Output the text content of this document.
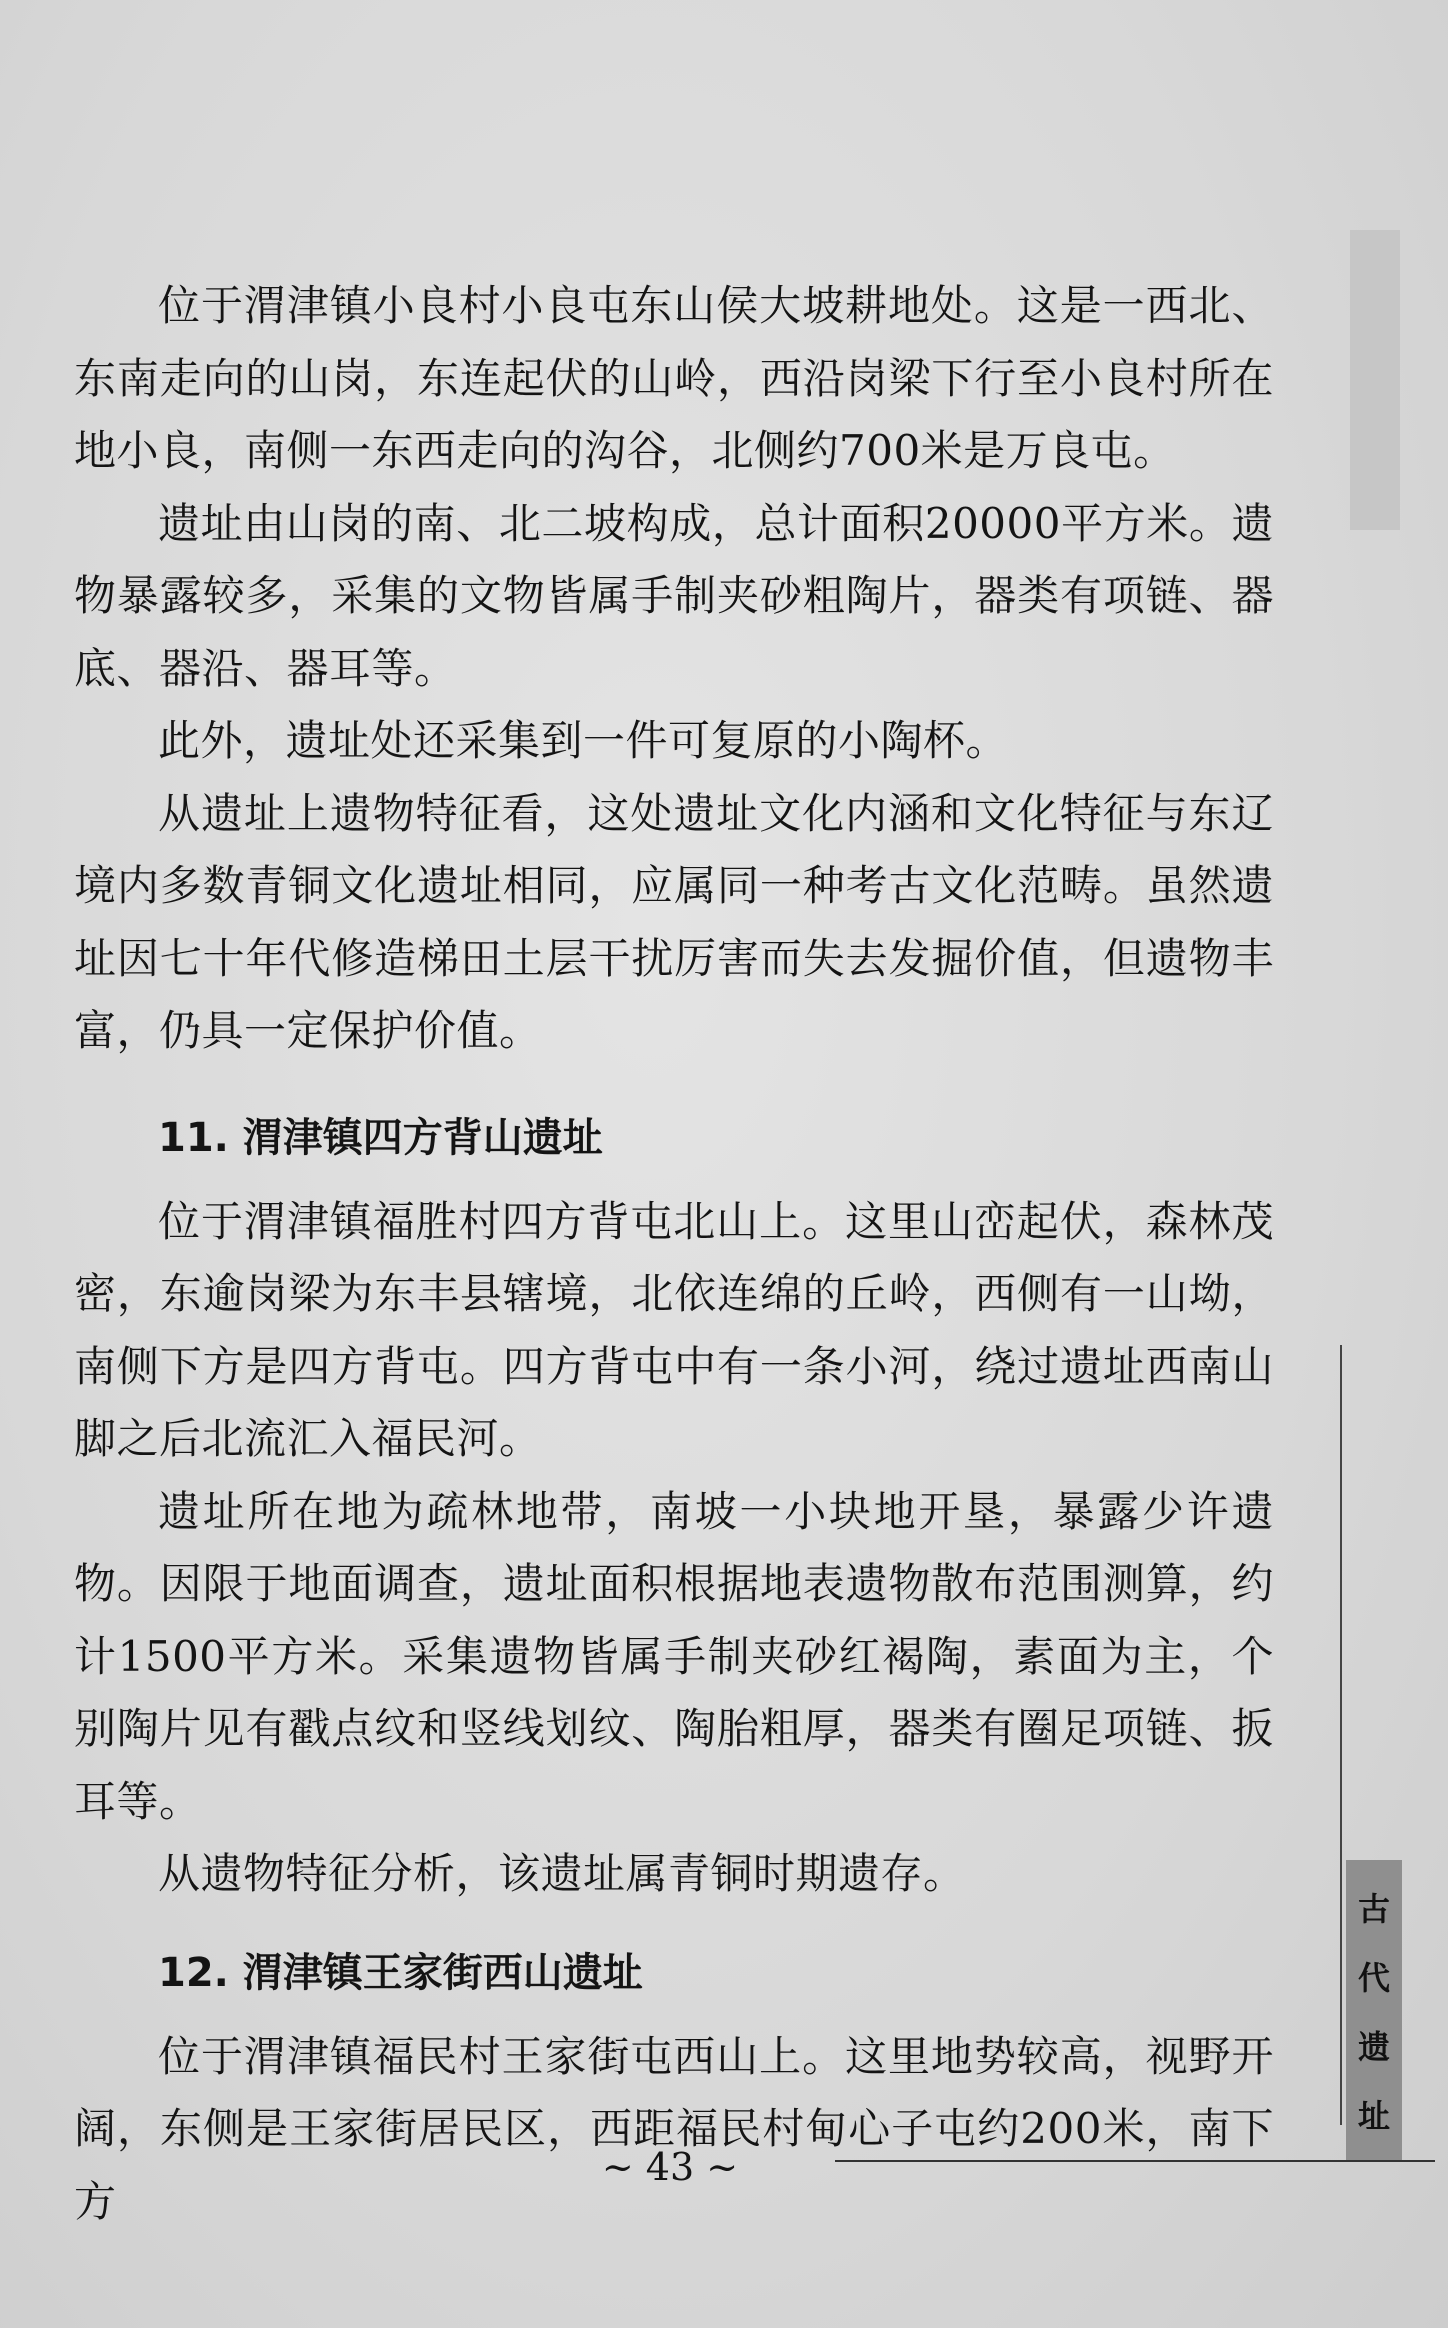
位于渭津镇小良村小良屯东山侯大坡耕地处。这是一西北、东南走向的山岗，东连起伏的山岭，西沿岗梁下行至小良村所在地小良，南侧一东西走向的沟谷，北侧约700米是万良屯。

遗址由山岗的南、北二坡构成，总计面积20000平方米。遗物暴露较多，采集的文物皆属手制夹砂粗陶片，器类有项链、器底、器沿、器耳等。

此外，遗址处还采集到一件可复原的小陶杯。

从遗址上遗物特征看，这处遗址文化内涵和文化特征与东辽境内多数青铜文化遗址相同，应属同一种考古文化范畴。虽然遗址因七十年代修造梯田土层干扰厉害而失去发掘价值，但遗物丰富，仍具一定保护价值。

11. 渭津镇四方背山遗址

位于渭津镇福胜村四方背屯北山上。这里山峦起伏，森林茂密，东逾岗梁为东丰县辖境，北依连绵的丘岭，西侧有一山坳，南侧下方是四方背屯。四方背屯中有一条小河，绕过遗址西南山脚之后北流汇入福民河。

遗址所在地为疏林地带，南坡一小块地开垦，暴露少许遗物。因限于地面调查，遗址面积根据地表遗物散布范围测算，约计1500平方米。采集遗物皆属手制夹砂红褐陶，素面为主，个别陶片见有戳点纹和竖线划纹、陶胎粗厚，器类有圈足项链、扳耳等。

从遗物特征分析，该遗址属青铜时期遗存。

12. 渭津镇王家街西山遗址

位于渭津镇福民村王家街屯西山上。这里地势较高，视野开阔，东侧是王家街居民区，西距福民村甸心子屯约200米，南下方

古
代
遗
址
~ 43 ~
